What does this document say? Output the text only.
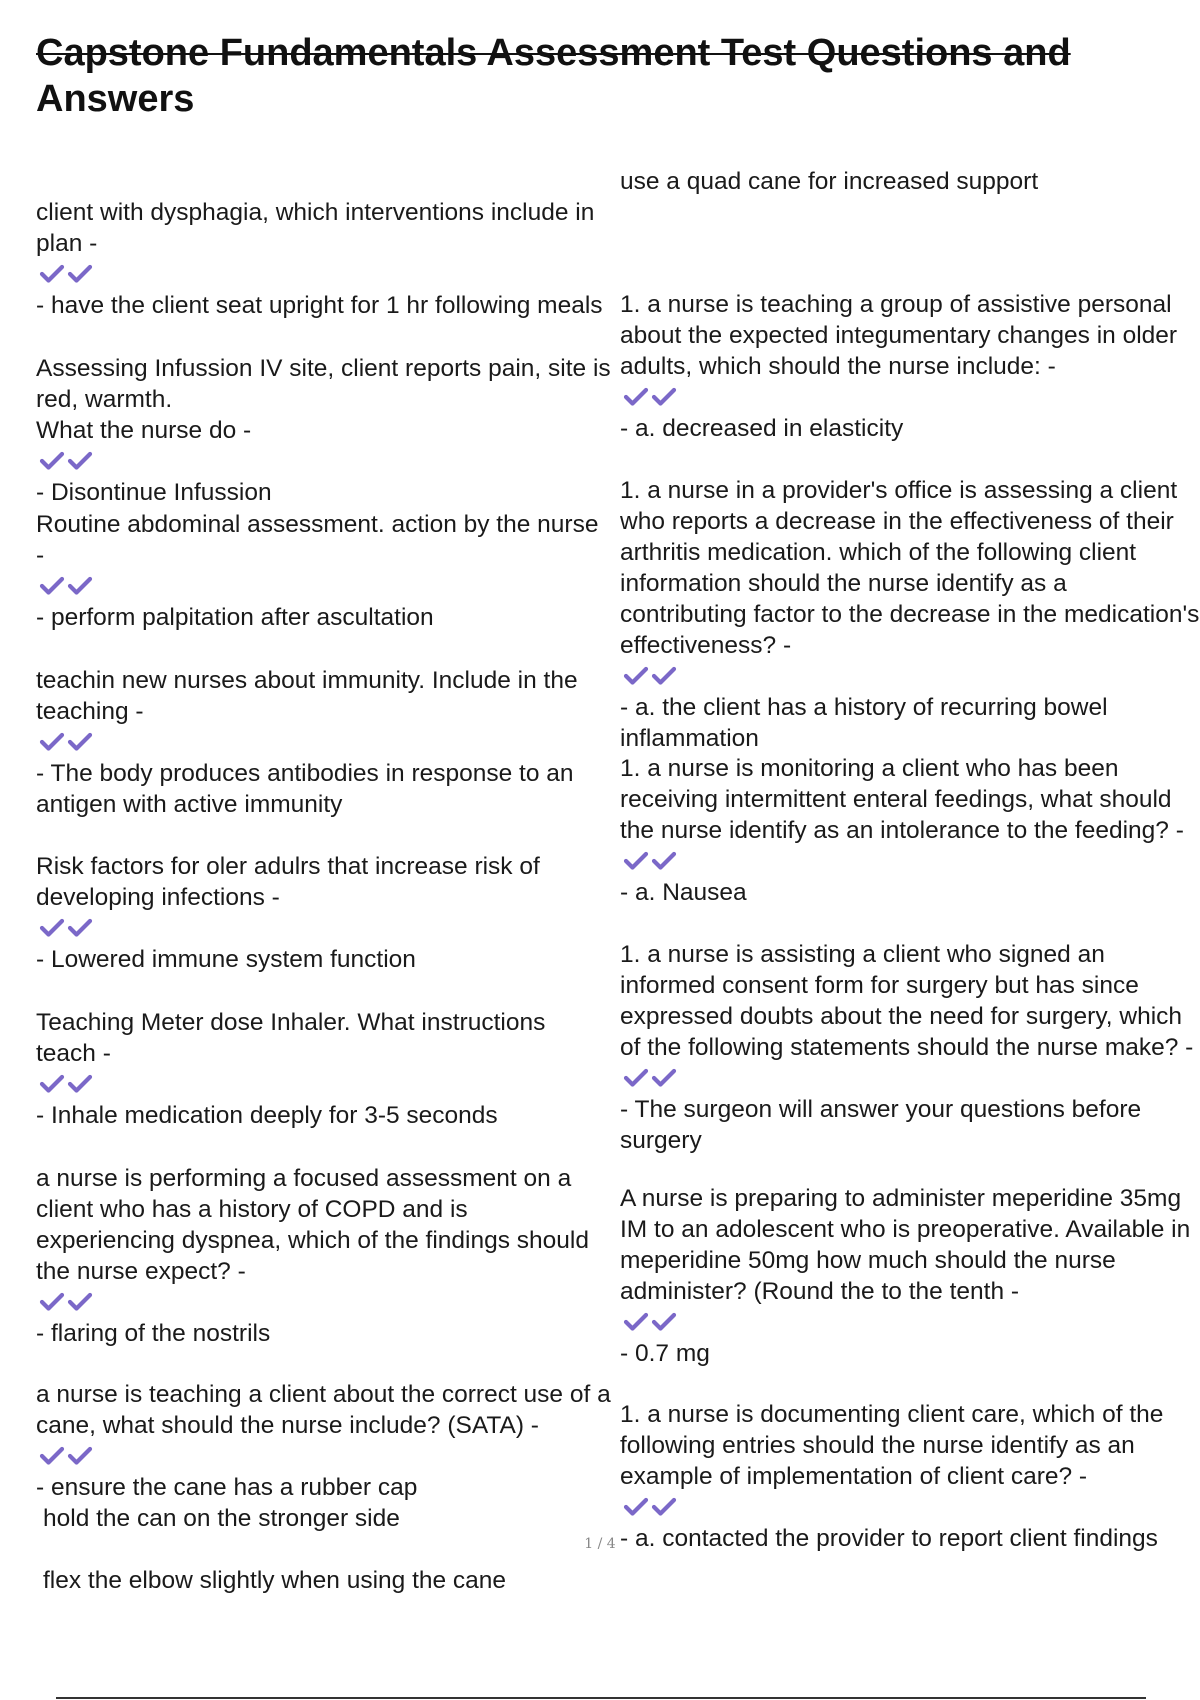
Capstone Fundamentals Assessment Test Questions and
Answers

client with dysphagia, which interventions include in plan -

- have the client seat upright for 1 hr following meals

Assessing Infussion IV site, client reports pain, site is red, warmth.
What the nurse do -

- Disontinue Infussion

Routine abdominal assessment. action by the nurse -

- perform palpitation after ascultation

teachin new nurses about immunity. Include in the teaching -

- The body produces antibodies in response to an antigen with active immunity

Risk factors for oler adulrs that increase risk of developing infections -

- Lowered immune system function

Teaching Meter dose Inhaler. What instructions teach -

- Inhale medication deeply for 3-5 seconds

a nurse is performing a focused assessment on a client who has a history of COPD and is experiencing dyspnea, which of the findings should the nurse expect? -

- flaring of the nostrils

a nurse is teaching a client about the correct use of a cane, what should the nurse include? (SATA) -

- ensure the cane has a rubber cap

hold the can on the stronger side

flex the elbow slightly when using the cane

use a quad cane for increased support

1. a nurse is teaching a group of assistive personal about the expected integumentary changes in older adults, which should the nurse include: -

- a. decreased in elasticity

1. a nurse in a provider's office is assessing a client who reports a decrease in the effectiveness of their arthritis medication. which of the following client information should the nurse identify as a contributing factor to the decrease in the medication's effectiveness? -

- a. the client has a history of recurring bowel inflammation

1. a nurse is monitoring a client who has been receiving intermittent enteral feedings, what should the nurse identify as an intolerance to the feeding? -

- a. Nausea

1. a nurse is assisting a client who signed an informed consent form for surgery but has since expressed doubts about the need for surgery, which of the following statements should the nurse make? -

- The surgeon will answer your questions before surgery

A nurse is preparing to administer meperidine 35mg IM to an adolescent who is preoperative. Available in meperidine 50mg how much should the nurse administer? (Round the to the tenth -

- 0.7 mg

1. a nurse is documenting client care, which of the following entries should the nurse identify as an example of implementation of client care? -

- a. contacted the provider to report client findings

1 / 4
